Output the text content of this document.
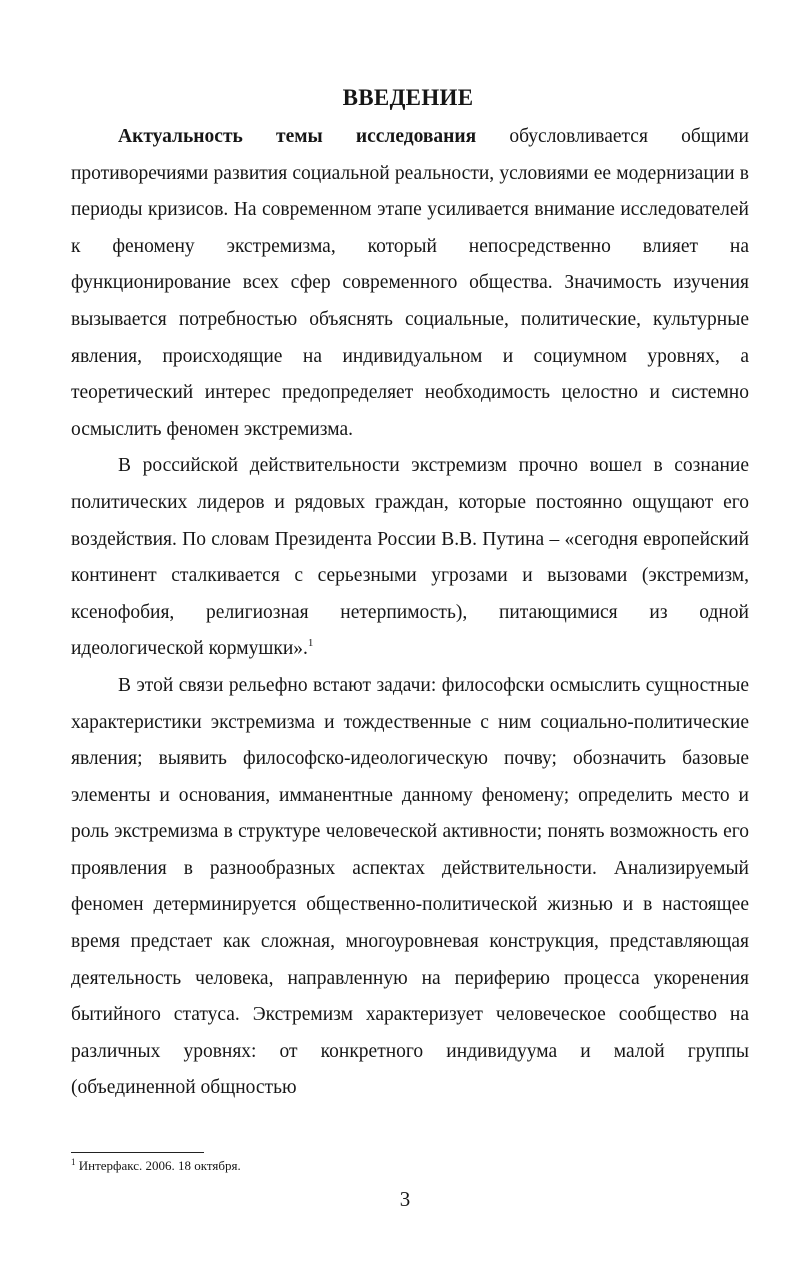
ВВЕДЕНИЕ

Актуальность темы исследования обусловливается общими противоречиями развития социальной реальности, условиями ее модернизации в периоды кризисов. На современном этапе усиливается внимание исследователей к феномену экстремизма, который непосредственно влияет на функционирование всех сфер современного общества. Значимость изучения вызывается потребностью объяснять социальные, политические, культурные явления, происходящие на индивидуальном и социумном уровнях, а теоретический интерес предопределяет необходимость целостно и системно осмыслить феномен экстремизма.

В российской действительности экстремизм прочно вошел в сознание политических лидеров и рядовых граждан, которые постоянно ощущают его воздействия. По словам Президента России В.В. Путина – «сегодня европейский континент сталкивается с серьезными угрозами и вызовами (экстремизм, ксенофобия, религиозная нетерпимость), питающимися из одной идеологической кормушки».$^1$

В этой связи рельефно встают задачи: философски осмыслить сущностные характеристики экстремизма и тождественные с ним социально-политические явления; выявить философско-идеологическую почву; обозначить базовые элементы и основания, имманентные данному феномену; определить место и роль экстремизма в структуре человеческой активности; понять возможность его проявления в разнообразных аспектах действительности. Анализируемый феномен детерминируется общественно-политической жизнью и в настоящее время предстает как сложная, многоуровневая конструкция, представляющая деятельность человека, направленную на периферию процесса укоренения бытийного статуса. Экстремизм характеризует человеческое сообщество на различных уровнях: от конкретного индивидуума и малой группы (объединенной общностью

$^1$ Интерфакс. 2006. 18 октября.
3
